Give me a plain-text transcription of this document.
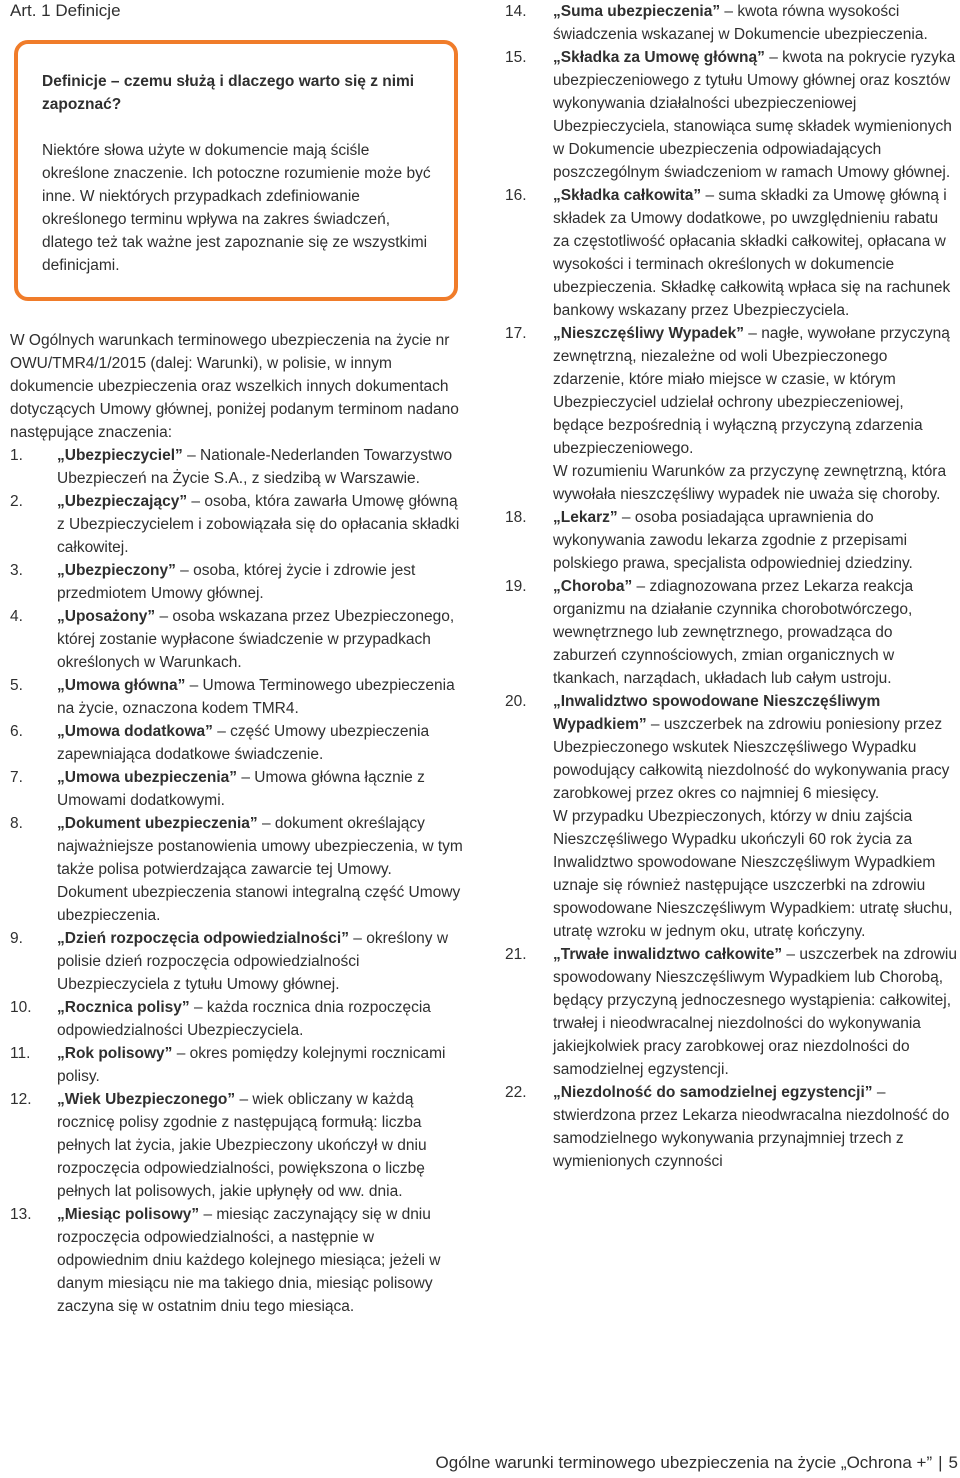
Art. 1 Definicje
Definicje – czemu służą i dlaczego warto się z nimi zapoznać?
Niektóre słowa użyte w dokumencie mają ściśle określone znaczenie. Ich potoczne rozumienie może być inne. W niektórych przypadkach zdefiniowanie określonego terminu wpływa na zakres świadczeń, dlatego też tak ważne jest zapoznanie się ze wszystkimi definicjami.
W Ogólnych warunkach terminowego ubezpieczenia na życie nr OWU/TMR4/1/2015 (dalej: Warunki), w polisie, w innym dokumencie ubezpieczenia oraz wszelkich innych dokumentach dotyczących Umowy głównej, poniżej podanym terminom nadano następujące znaczenia:
1.	„Ubezpieczyciel” – Nationale-Nederlanden Towarzystwo Ubezpieczeń na Życie S.A., z siedzibą w Warszawie.
2.	„Ubezpieczający” – osoba, która zawarła Umowę główną z Ubezpieczycielem i zobowiązała się do opłacania składki całkowitej.
3.	„Ubezpieczony” – osoba, której życie i zdrowie jest przedmiotem Umowy głównej.
4.	„Uposażony” – osoba wskazana przez Ubezpieczonego, której zostanie wypłacone świadczenie w przypadkach określonych w Warunkach.
5.	„Umowa główna” – Umowa Terminowego ubezpieczenia na życie, oznaczona kodem TMR4.
6.	„Umowa dodatkowa” – część Umowy ubezpieczenia zapewniająca dodatkowe świadczenie.
7.	„Umowa ubezpieczenia” – Umowa główna łącznie z Umowami dodatkowymi.
8.	„Dokument ubezpieczenia” – dokument określający najważniejsze postanowienia umowy ubezpieczenia, w tym także polisa potwierdzająca zawarcie tej Umowy. Dokument ubezpieczenia stanowi integralną część Umowy ubezpieczenia.
9.	„Dzień rozpoczęcia odpowiedzialności” – określony w polisie dzień rozpoczęcia odpowiedzialności Ubezpieczyciela z tytułu Umowy głównej.
10.	„Rocznica polisy” – każda rocznica dnia rozpoczęcia odpowiedzialności Ubezpieczyciela.
11.	„Rok polisowy” – okres pomiędzy kolejnymi rocznicami polisy.
12.	„Wiek Ubezpieczonego” – wiek obliczany w każdą rocznicę polisy zgodnie z następującą formułą: liczba pełnych lat życia, jakie Ubezpieczony ukończył w dniu rozpoczęcia odpowiedzialności, powiększona o liczbę pełnych lat polisowych, jakie upłynęły od ww. dnia.
13.	„Miesiąc polisowy” – miesiąc zaczynający się w dniu rozpoczęcia odpowiedzialności, a następnie w odpowiednim dniu każdego kolejnego miesiąca; jeżeli w danym miesiącu nie ma takiego dnia, miesiąc polisowy zaczyna się w ostatnim dniu tego miesiąca.
14.	„Suma ubezpieczenia” – kwota równa wysokości świadczenia wskazanej w Dokumencie ubezpieczenia.
15.	„Składka za Umowę główną” – kwota na pokrycie ryzyka ubezpieczeniowego z tytułu Umowy głównej oraz kosztów wykonywania działalności ubezpieczeniowej Ubezpieczyciela, stanowiąca sumę składek wymienionych w Dokumencie ubezpieczenia odpowiadających poszczególnym świadczeniom w ramach Umowy głównej.
16.	„Składka całkowita” – suma składki za Umowę główną i składek za Umowy dodatkowe, po uwzględnieniu rabatu za częstotliwość opłacania składki całkowitej, opłacana w wysokości i terminach określonych w dokumencie ubezpieczenia. Składkę całkowitą wpłaca się na rachunek bankowy wskazany przez Ubezpieczyciela.
17.	„Nieszczęśliwy Wypadek” – nagłe, wywołane przyczyną zewnętrzną, niezależne od woli Ubezpieczonego zdarzenie, które miało miejsce w czasie, w którym Ubezpieczyciel udzielał ochrony ubezpieczeniowej, będące bezpośrednią i wyłączną przyczyną zdarzenia ubezpieczeniowego.
W rozumieniu Warunków za przyczynę zewnętrzną, która wywołała nieszczęśliwy wypadek nie uważa się choroby.
18.	„Lekarz” – osoba posiadająca uprawnienia do wykonywania zawodu lekarza zgodnie z przepisami polskiego prawa, specjalista odpowiedniej dziedziny.
19.	„Choroba” – zdiagnozowana przez Lekarza reakcja organizmu na działanie czynnika chorobotwórczego, wewnętrznego lub zewnętrznego, prowadząca do zaburzeń czynnościowych, zmian organicznych w tkankach, narządach, układach lub całym ustroju.
20.	„Inwalidztwo spowodowane Nieszczęśliwym Wypadkiem” – uszczerbek na zdrowiu poniesiony przez Ubezpieczonego wskutek Nieszczęśliwego Wypadku powodujący całkowitą niezdolność do wykonywania pracy zarobkowej przez okres co najmniej 6 miesięcy.
W przypadku Ubezpieczonych, którzy w dniu zajścia Nieszczęśliwego Wypadku ukończyli 60 rok życia za Inwalidztwo spowodowane Nieszczęśliwym Wypadkiem uznaje się również następujące uszczerbki na zdrowiu spowodowane Nieszczęśliwym Wypadkiem: utratę słuchu, utratę wzroku w jednym oku, utratę kończyny.
21.	„Trwałe inwalidztwo całkowite” – uszczerbek na zdrowiu spowodowany Nieszczęśliwym Wypadkiem lub Chorobą, będący przyczyną jednoczesnego wystąpienia: całkowitej, trwałej i nieodwracalnej niezdolności do wykonywania jakiejkolwiek pracy zarobkowej oraz niezdolności do samodzielnej egzystencji.
22.	„Niezdolność do samodzielnej egzystencji” – stwierdzona przez Lekarza nieodwracalna niezdolność do samodzielnego wykonywania przynajmniej trzech z wymienionych czynności
Ogólne warunki terminowego ubezpieczenia na życie „Ochrona +” | 5
